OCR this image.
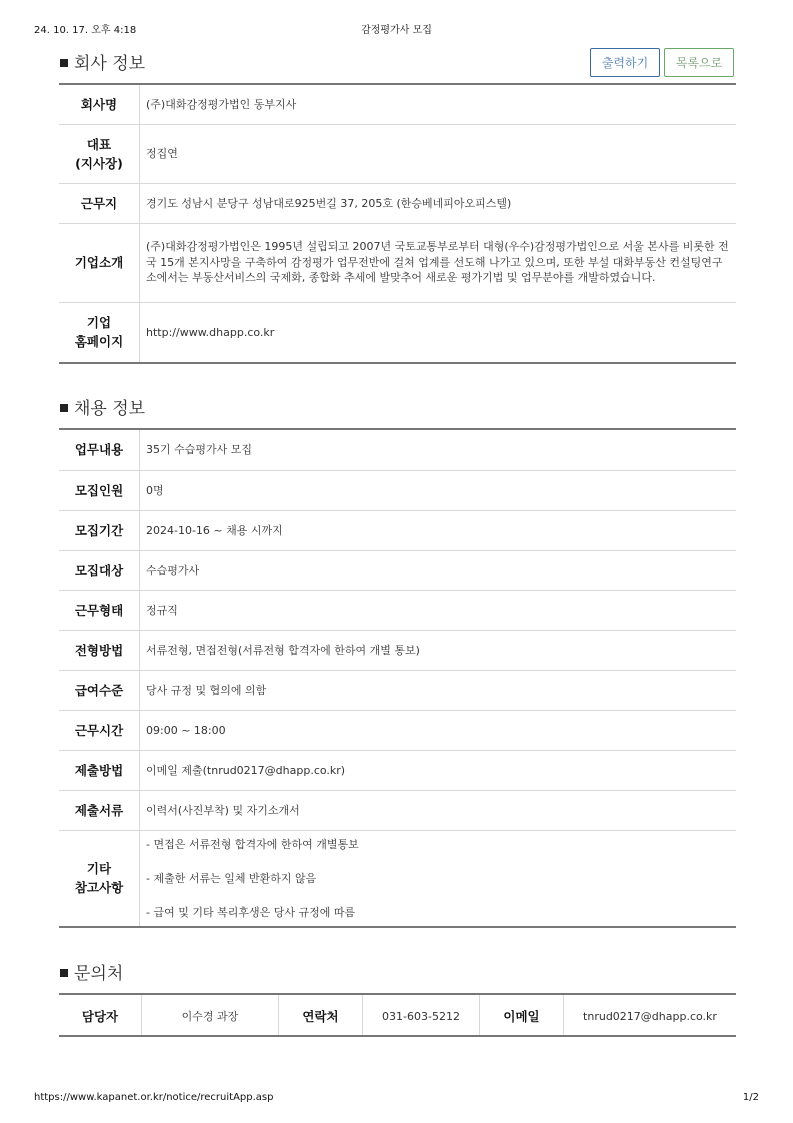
24. 10. 17. 오후 4:18	감정평가사 모집
회사 정보	출력하기	목록으로
회사명	(주)대화감정평가법인 동부지사

대표
(지사장)	정집연
근무지	경기도 성남시 분당구 성남대로925번길 37, 205호 (한승베네피아오피스텔)
기업소개	(주)대화감정평가법인은 1995년 설립되고 2007년 국토교통부로부터 대형(우수)감정평가법인으로 서울 본사를 비롯한 전국 15개 본지사망을 구축하여 감정평가 업무전반에 걸쳐 업계를 선도해 나가고 있으며, 또한 부설 대화부동산 컨설팅연구소에서는 부동산서비스의 국제화, 종합화 추세에 발맞추어 새로운 평가기법 및 업무분야를 개발하였습니다.

기업
홈페이지	http://www.dhapp.co.kr
채용 정보
업무내용	35기 수습평가사 모집
모집인원	0명
모집기간	2024-10-16 ~ 채용 시까지
모집대상	수습평가사
근무형태	정규직
전형방법	서류전형, 면접전형(서류전형 합격자에 한하여 개별 통보)
급여수준	당사 규정 및 협의에 의함
근무시간	09:00 ~ 18:00
제출방법	이메일 제출(tnrud0217@dhapp.co.kr)
제출서류	이력서(사진부착) 및 자기소개서

기타
참고사항	- 면접은 서류전형 합격자에 한하여 개별통보
- 제출한 서류는 일체 반환하지 않음
- 급여 및 기타 복리후생은 당사 규정에 따름
문의처
담당자	이수경 과장	연락처	031-603-5212	이메일	tnrud0217@dhapp.co.kr
https://www.kapanet.or.kr/notice/recruitApp.asp	1/2
